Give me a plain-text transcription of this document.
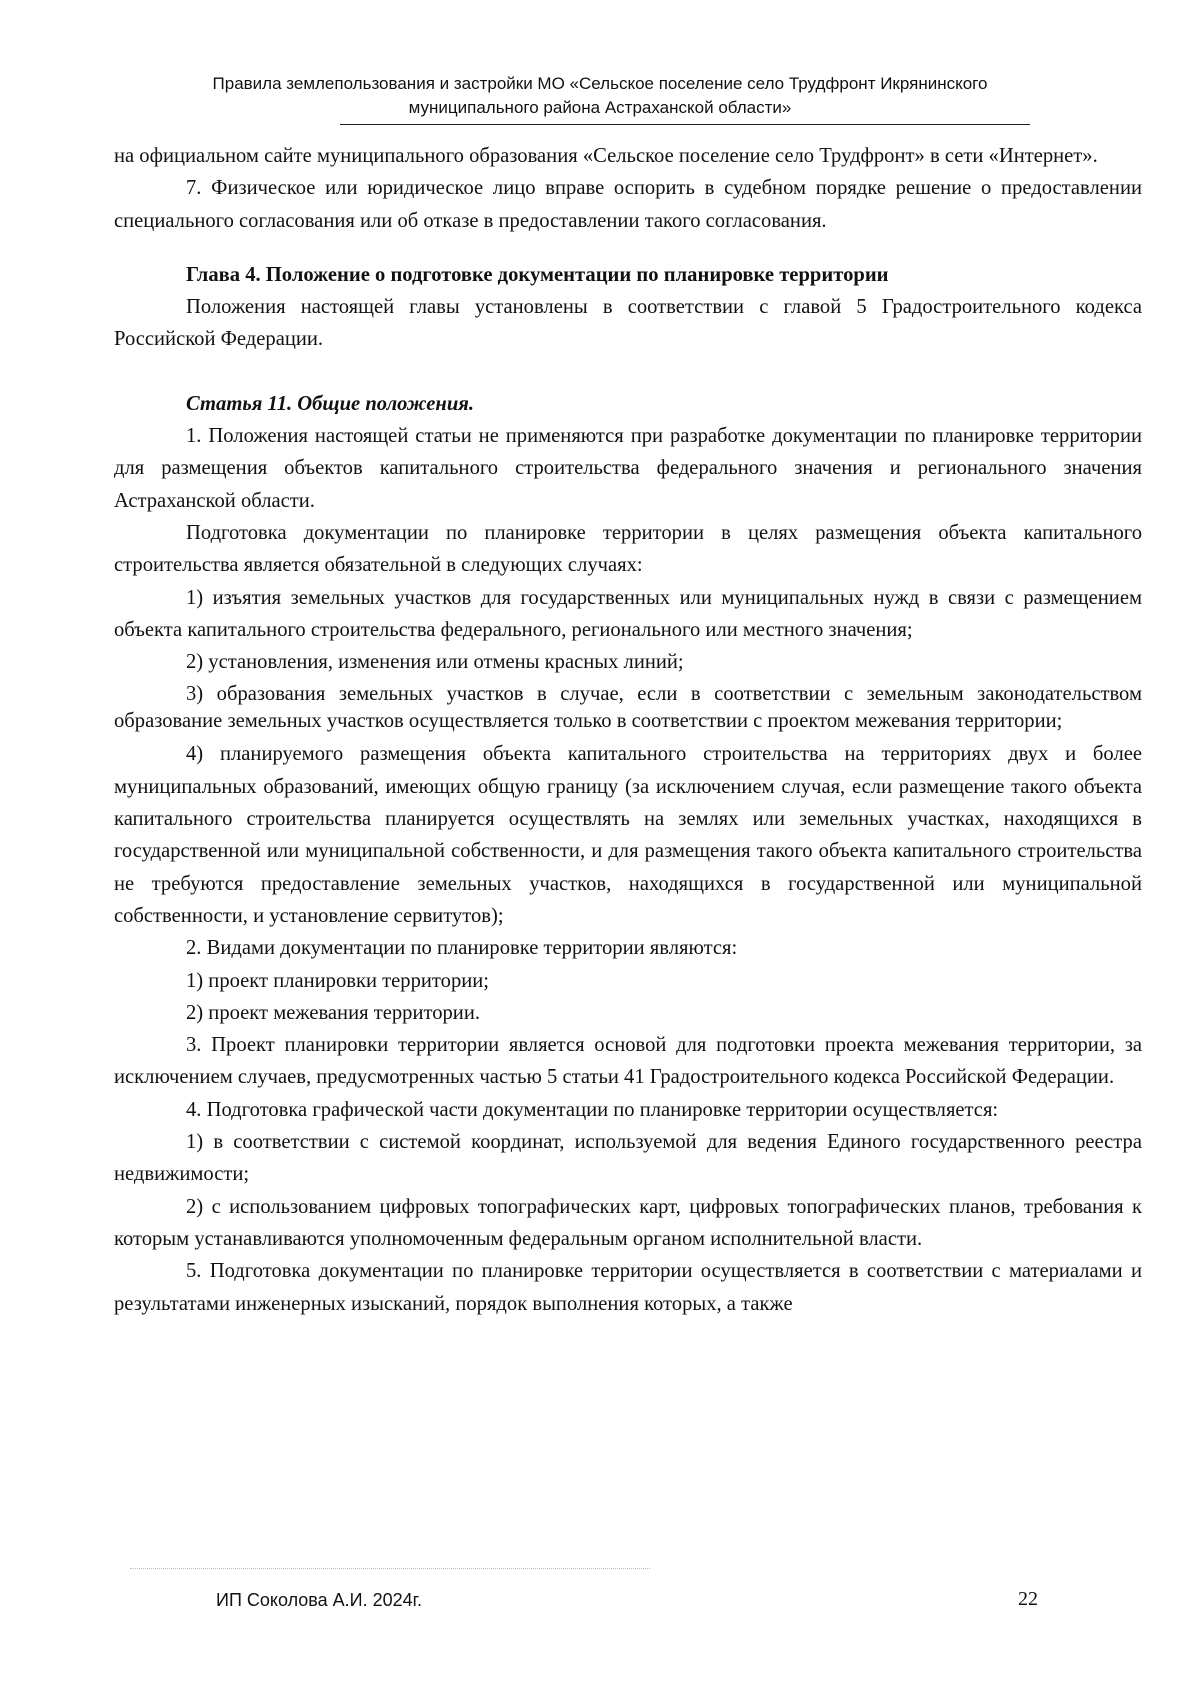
Правила землепользования и застройки МО «Сельское поселение село Трудфронт Икрянинского
муниципального района Астраханской области»

на официальном сайте муниципального образования «Сельское поселение село Трудфронт» в сети «Интернет».

7. Физическое или юридическое лицо вправе оспорить в судебном порядке решение о предоставлении специального согласования или об отказе в предоставлении такого согласования.

Глава 4. Положение о подготовке документации по планировке территории

Положения настоящей главы установлены в соответствии с главой 5 Градостроительного кодекса Российской Федерации.

Статья 11. Общие положения.

1. Положения настоящей статьи не применяются при разработке документации по планировке территории для размещения объектов капитального строительства федерального значения и регионального значения Астраханской области.

Подготовка документации по планировке территории в целях размещения объекта капитального строительства является обязательной в следующих случаях:

1) изъятия земельных участков для государственных или муниципальных нужд в связи с размещением объекта капитального строительства федерального, регионального или местного значения;

2) установления, изменения или отмены красных линий;

3) образования земельных участков в случае, если в соответствии с земельным законодательством образование земельных участков осуществляется только в соответствии с проектом межевания территории;

4) планируемого размещения объекта капитального строительства на территориях двух и более муниципальных образований, имеющих общую границу (за исключением случая, если размещение такого объекта капитального строительства планируется осуществлять на землях или земельных участках, находящихся в государственной или муниципальной собственности, и для размещения такого объекта капитального строительства не требуются предоставление земельных участков, находящихся в государственной или муниципальной собственности, и установление сервитутов);

2. Видами документации по планировке территории являются:

1) проект планировки территории;

2) проект межевания территории.

3. Проект планировки территории является основой для подготовки проекта межевания территории, за исключением случаев, предусмотренных частью 5 статьи 41 Градостроительного кодекса Российской Федерации.

4. Подготовка графической части документации по планировке территории осуществляется:

1) в соответствии с системой координат, используемой для ведения Единого государственного реестра недвижимости;

2) с использованием цифровых топографических карт, цифровых топографических планов, требования к которым устанавливаются уполномоченным федеральным органом исполнительной власти.

5. Подготовка документации по планировке территории осуществляется в соответствии с материалами и результатами инженерных изысканий, порядок выполнения которых, а также

ИП Соколова А.И. 2024г.	22
